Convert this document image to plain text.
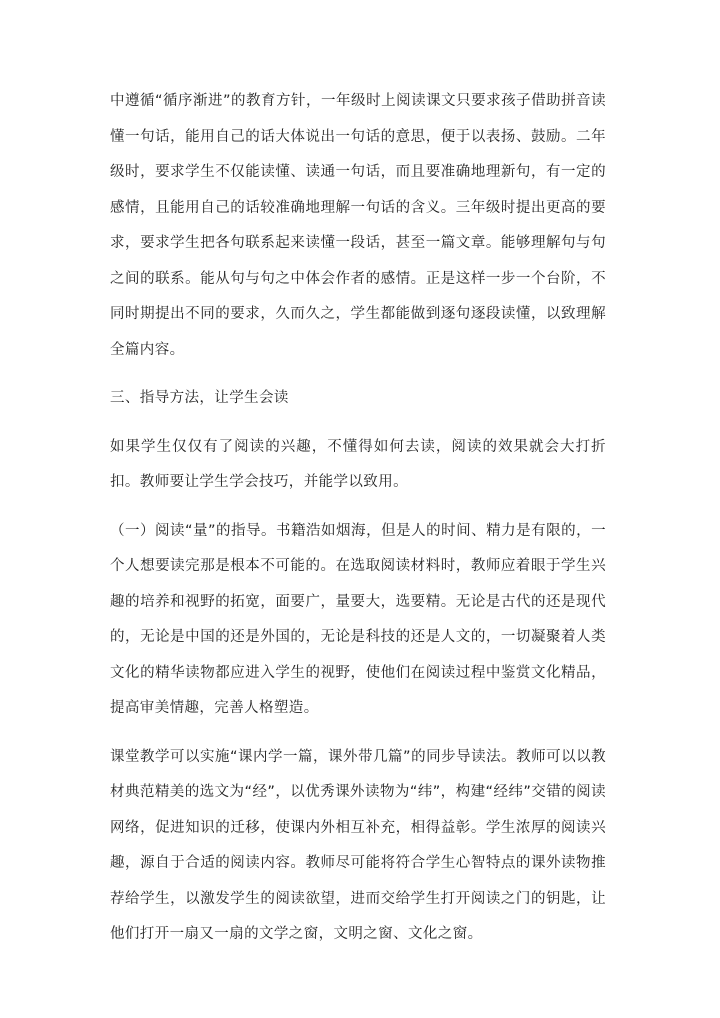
中遵循“循序渐进”的教育方针，一年级时上阅读课文只要求孩子借助拼音读懂一句话，能用自己的话大体说出一句话的意思，便于以表扬、鼓励。二年级时，要求学生不仅能读懂、读通一句话，而且要准确地理新句，有一定的感情，且能用自己的话较准确地理解一句话的含义。三年级时提出更高的要求，要求学生把各句联系起来读懂一段话，甚至一篇文章。能够理解句与句之间的联系。能从句与句之中体会作者的感情。正是这样一步一个台阶，不同时期提出不同的要求，久而久之，学生都能做到逐句逐段读懂，以致理解全篇内容。

三、指导方法，让学生会读

如果学生仅仅有了阅读的兴趣，不懂得如何去读，阅读的效果就会大打折扣。教师要让学生学会技巧，并能学以致用。

（一）阅读“量”的指导。书籍浩如烟海，但是人的时间、精力是有限的，一个人想要读完那是根本不可能的。在选取阅读材料时，教师应着眼于学生兴趣的培养和视野的拓宽，面要广，量要大，选要精。无论是古代的还是现代的，无论是中国的还是外国的，无论是科技的还是人文的，一切凝聚着人类文化的精华读物都应进入学生的视野，使他们在阅读过程中鉴赏文化精品，提高审美情趣，完善人格塑造。

课堂教学可以实施“课内学一篇，课外带几篇”的同步导读法。教师可以以教材典范精美的选文为“经”，以优秀课外读物为“纬”，构建“经纬”交错的阅读网络，促进知识的迁移，使课内外相互补充，相得益彰。学生浓厚的阅读兴趣，源自于合适的阅读内容。教师尽可能将符合学生心智特点的课外读物推荐给学生，以激发学生的阅读欲望，进而交给学生打开阅读之门的钥匙，让他们打开一扇又一扇的文学之窗，文明之窗、文化之窗。
